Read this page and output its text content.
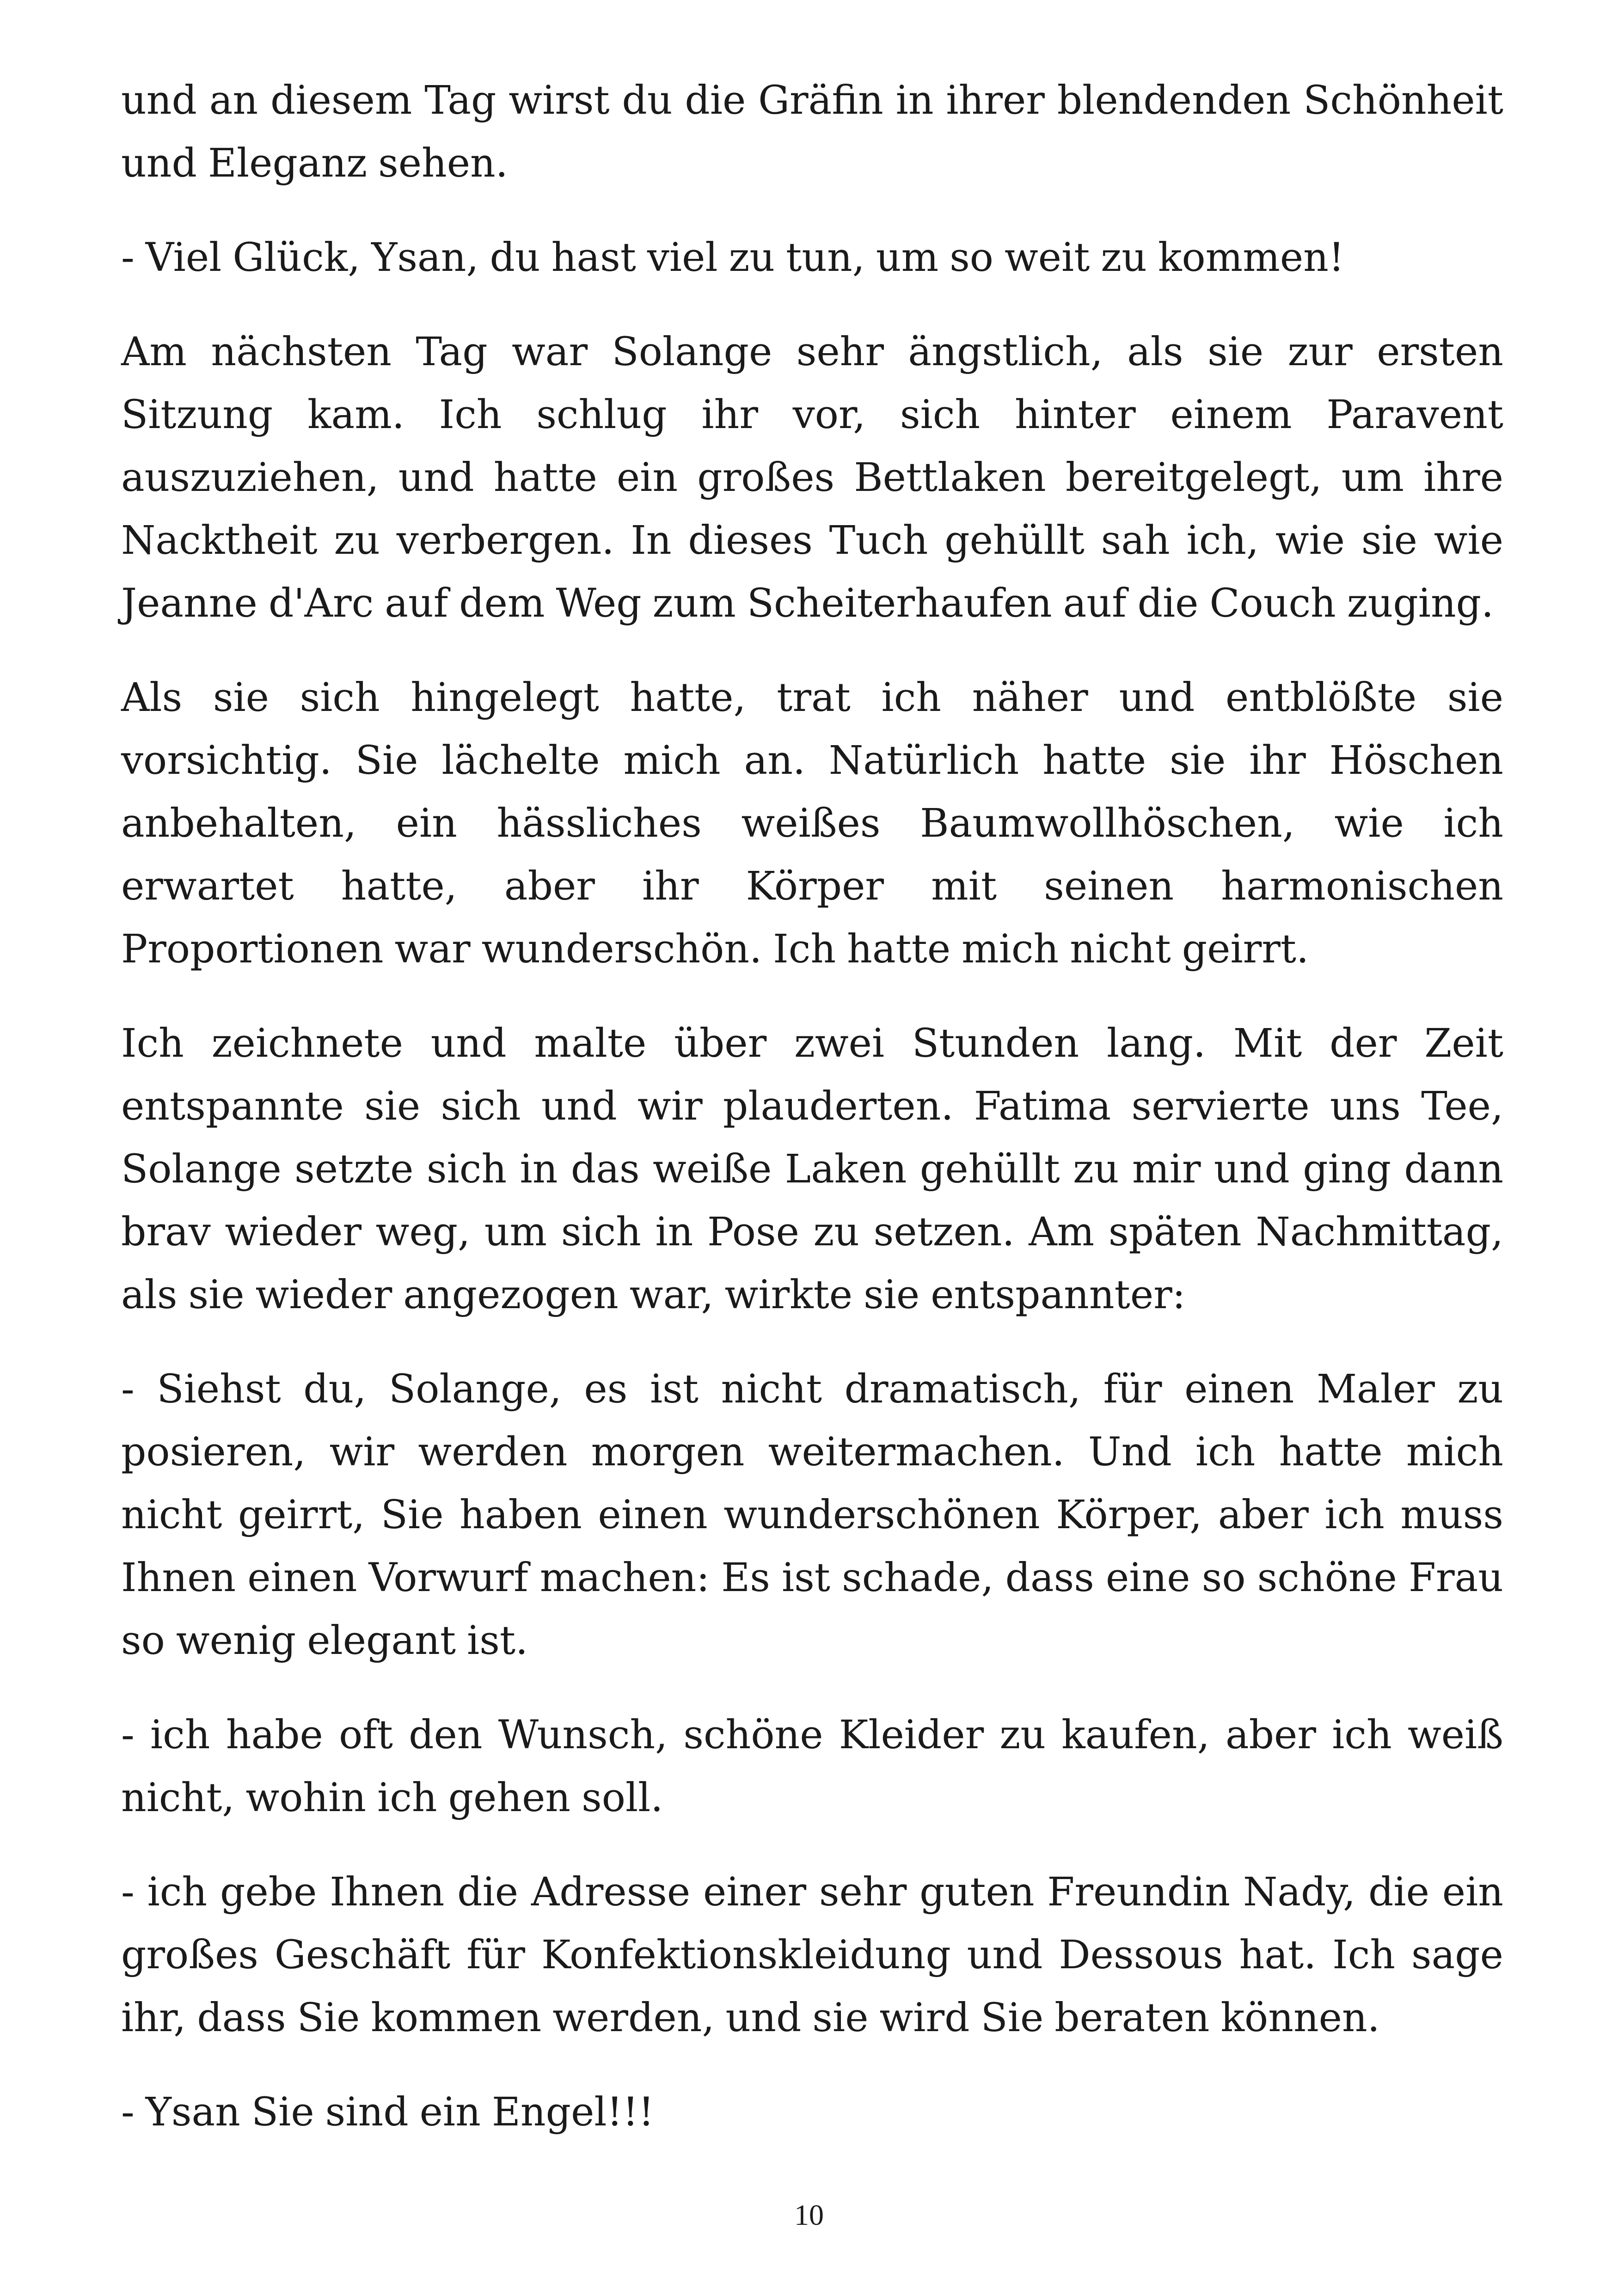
und an diesem Tag wirst du die Gräfin in ihrer blendenden Schönheit und Eleganz sehen.

- Viel Glück, Ysan, du hast viel zu tun, um so weit zu kommen!

Am nächsten Tag war Solange sehr ängstlich, als sie zur ersten Sitzung kam. Ich schlug ihr vor, sich hinter einem Paravent auszuziehen, und hatte ein großes Bettlaken bereitgelegt, um ihre Nacktheit zu verbergen. In dieses Tuch gehüllt sah ich, wie sie wie Jeanne d'Arc auf dem Weg zum Scheiterhaufen auf die Couch zuging.

Als sie sich hingelegt hatte, trat ich näher und entblößte sie vorsichtig. Sie lächelte mich an. Natürlich hatte sie ihr Höschen anbehalten, ein hässliches weißes Baumwollhöschen, wie ich erwartet hatte, aber ihr Körper mit seinen harmonischen Proportionen war wunderschön. Ich hatte mich nicht geirrt.

Ich zeichnete und malte über zwei Stunden lang. Mit der Zeit entspannte sie sich und wir plauderten. Fatima servierte uns Tee, Solange setzte sich in das weiße Laken gehüllt zu mir und ging dann brav wieder weg, um sich in Pose zu setzen. Am späten Nachmittag, als sie wieder angezogen war, wirkte sie entspannter:

- Siehst du, Solange, es ist nicht dramatisch, für einen Maler zu posieren, wir werden morgen weitermachen. Und ich hatte mich nicht geirrt, Sie haben einen wunderschönen Körper, aber ich muss Ihnen einen Vorwurf machen: Es ist schade, dass eine so schöne Frau so wenig elegant ist.

- ich habe oft den Wunsch, schöne Kleider zu kaufen, aber ich weiß nicht, wohin ich gehen soll.

- ich gebe Ihnen die Adresse einer sehr guten Freundin Nady, die ein großes Geschäft für Konfektionskleidung und Dessous hat. Ich sage ihr, dass Sie kommen werden, und sie wird Sie beraten können.

- Ysan Sie sind ein Engel!!!

10
